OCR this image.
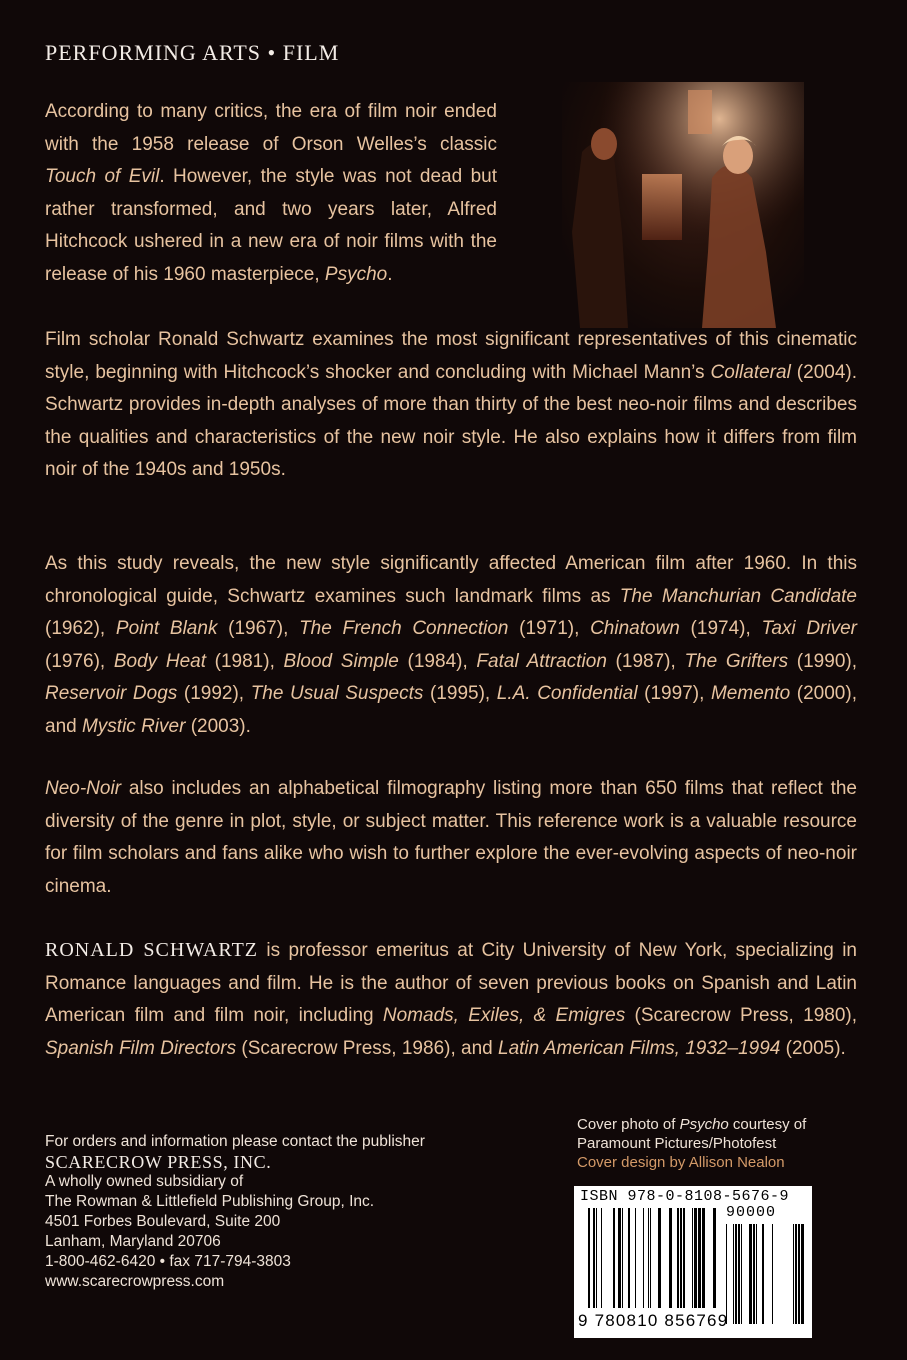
PERFORMING ARTS • FILM

According to many critics, the era of film noir ended with the 1958 release of Orson Welles’s classic Touch of Evil. However, the style was not dead but rather transformed, and two years later, Alfred Hitchcock ushered in a new era of noir films with the release of his 1960 masterpiece, Psycho.

Film scholar Ronald Schwartz examines the most significant representatives of this cinematic style, beginning with Hitchcock’s shocker and concluding with Michael Mann’s Collateral (2004). Schwartz provides in-depth analyses of more than thirty of the best neo-noir films and describes the qualities and characteristics of the new noir style. He also explains how it differs from film noir of the 1940s and 1950s.

As this study reveals, the new style significantly affected American film after 1960. In this chronological guide, Schwartz examines such landmark films as The Manchurian Candidate (1962), Point Blank (1967), The French Connection (1971), Chinatown (1974), Taxi Driver (1976), Body Heat (1981), Blood Simple (1984), Fatal Attraction (1987), The Grifters (1990), Reservoir Dogs (1992), The Usual Suspects (1995), L.A. Confidential (1997), Memento (2000), and Mystic River (2003).

Neo-Noir also includes an alphabetical filmography listing more than 650 films that reflect the diversity of the genre in plot, style, or subject matter. This reference work is a valuable resource for film scholars and fans alike who wish to further explore the ever-evolving aspects of neo-noir cinema.

RONALD SCHWARTZ is professor emeritus at City University of New York, specializing in Romance languages and film. He is the author of seven previous books on Spanish and Latin American film and film noir, including Nomads, Exiles, & Emigres (Scarecrow Press, 1980), Spanish Film Directors (Scarecrow Press, 1986), and Latin American Films, 1932–1994 (2005).

For orders and information please contact the publisher
SCARECROW PRESS, INC.
A wholly owned subsidiary of
The Rowman & Littlefield Publishing Group, Inc.
4501 Forbes Boulevard, Suite 200
Lanham, Maryland 20706
1-800-462-6420 • fax 717-794-3803
www.scarecrowpress.com
Cover photo of Psycho courtesy of
Paramount Pictures/Photofest
Cover design by Allison Nealon
ISBN 978-0-8108-5676-9
90000
9 780810 856769
